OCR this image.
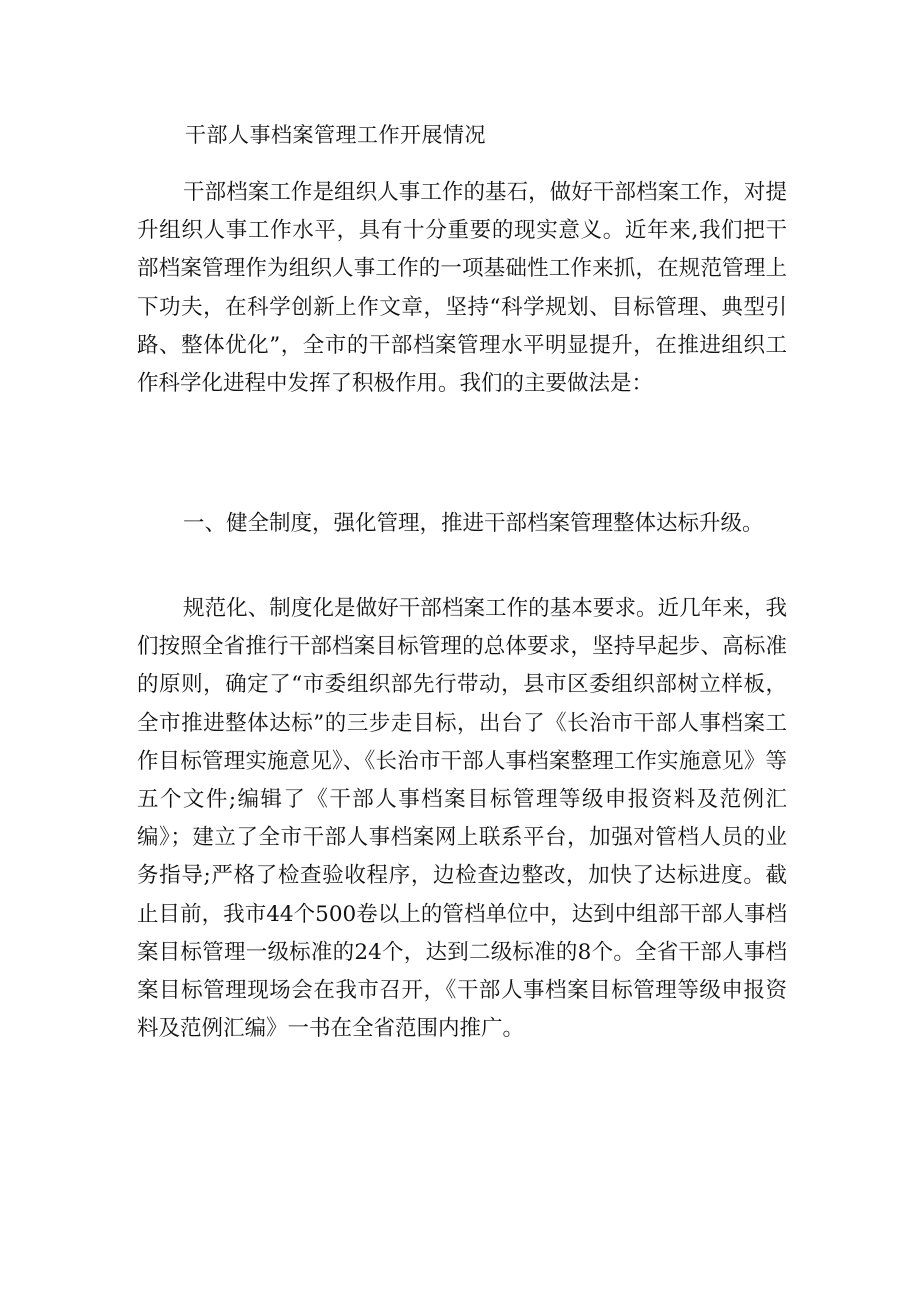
干部人事档案管理工作开展情况

干部档案工作是组织人事工作的基石，做好干部档案工作，对提升组织人事工作水平，具有十分重要的现实意义。近年来,我们把干部档案管理作为组织人事工作的一项基础性工作来抓，在规范管理上下功夫，在科学创新上作文章，坚持“科学规划、目标管理、典型引路、整体优化”，全市的干部档案管理水平明显提升，在推进组织工作科学化进程中发挥了积极作用。我们的主要做法是：

一、健全制度，强化管理，推进干部档案管理整体达标升级。

规范化、制度化是做好干部档案工作的基本要求。近几年来，我们按照全省推行干部档案目标管理的总体要求，坚持早起步、高标准的原则，确定了“市委组织部先行带动，县市区委组织部树立样板，全市推进整体达标”的三步走目标，出台了《长治市干部人事档案工作目标管理实施意见》、《长治市干部人事档案整理工作实施意见》等五个文件;编辑了《干部人事档案目标管理等级申报资料及范例汇编》；建立了全市干部人事档案网上联系平台，加强对管档人员的业务指导;严格了检查验收程序，边检查边整改，加快了达标进度。截止目前，我市44个500卷以上的管档单位中，达到中组部干部人事档案目标管理一级标准的24个，达到二级标准的8个。全省干部人事档案目标管理现场会在我市召开，《干部人事档案目标管理等级申报资料及范例汇编》一书在全省范围内推广。
